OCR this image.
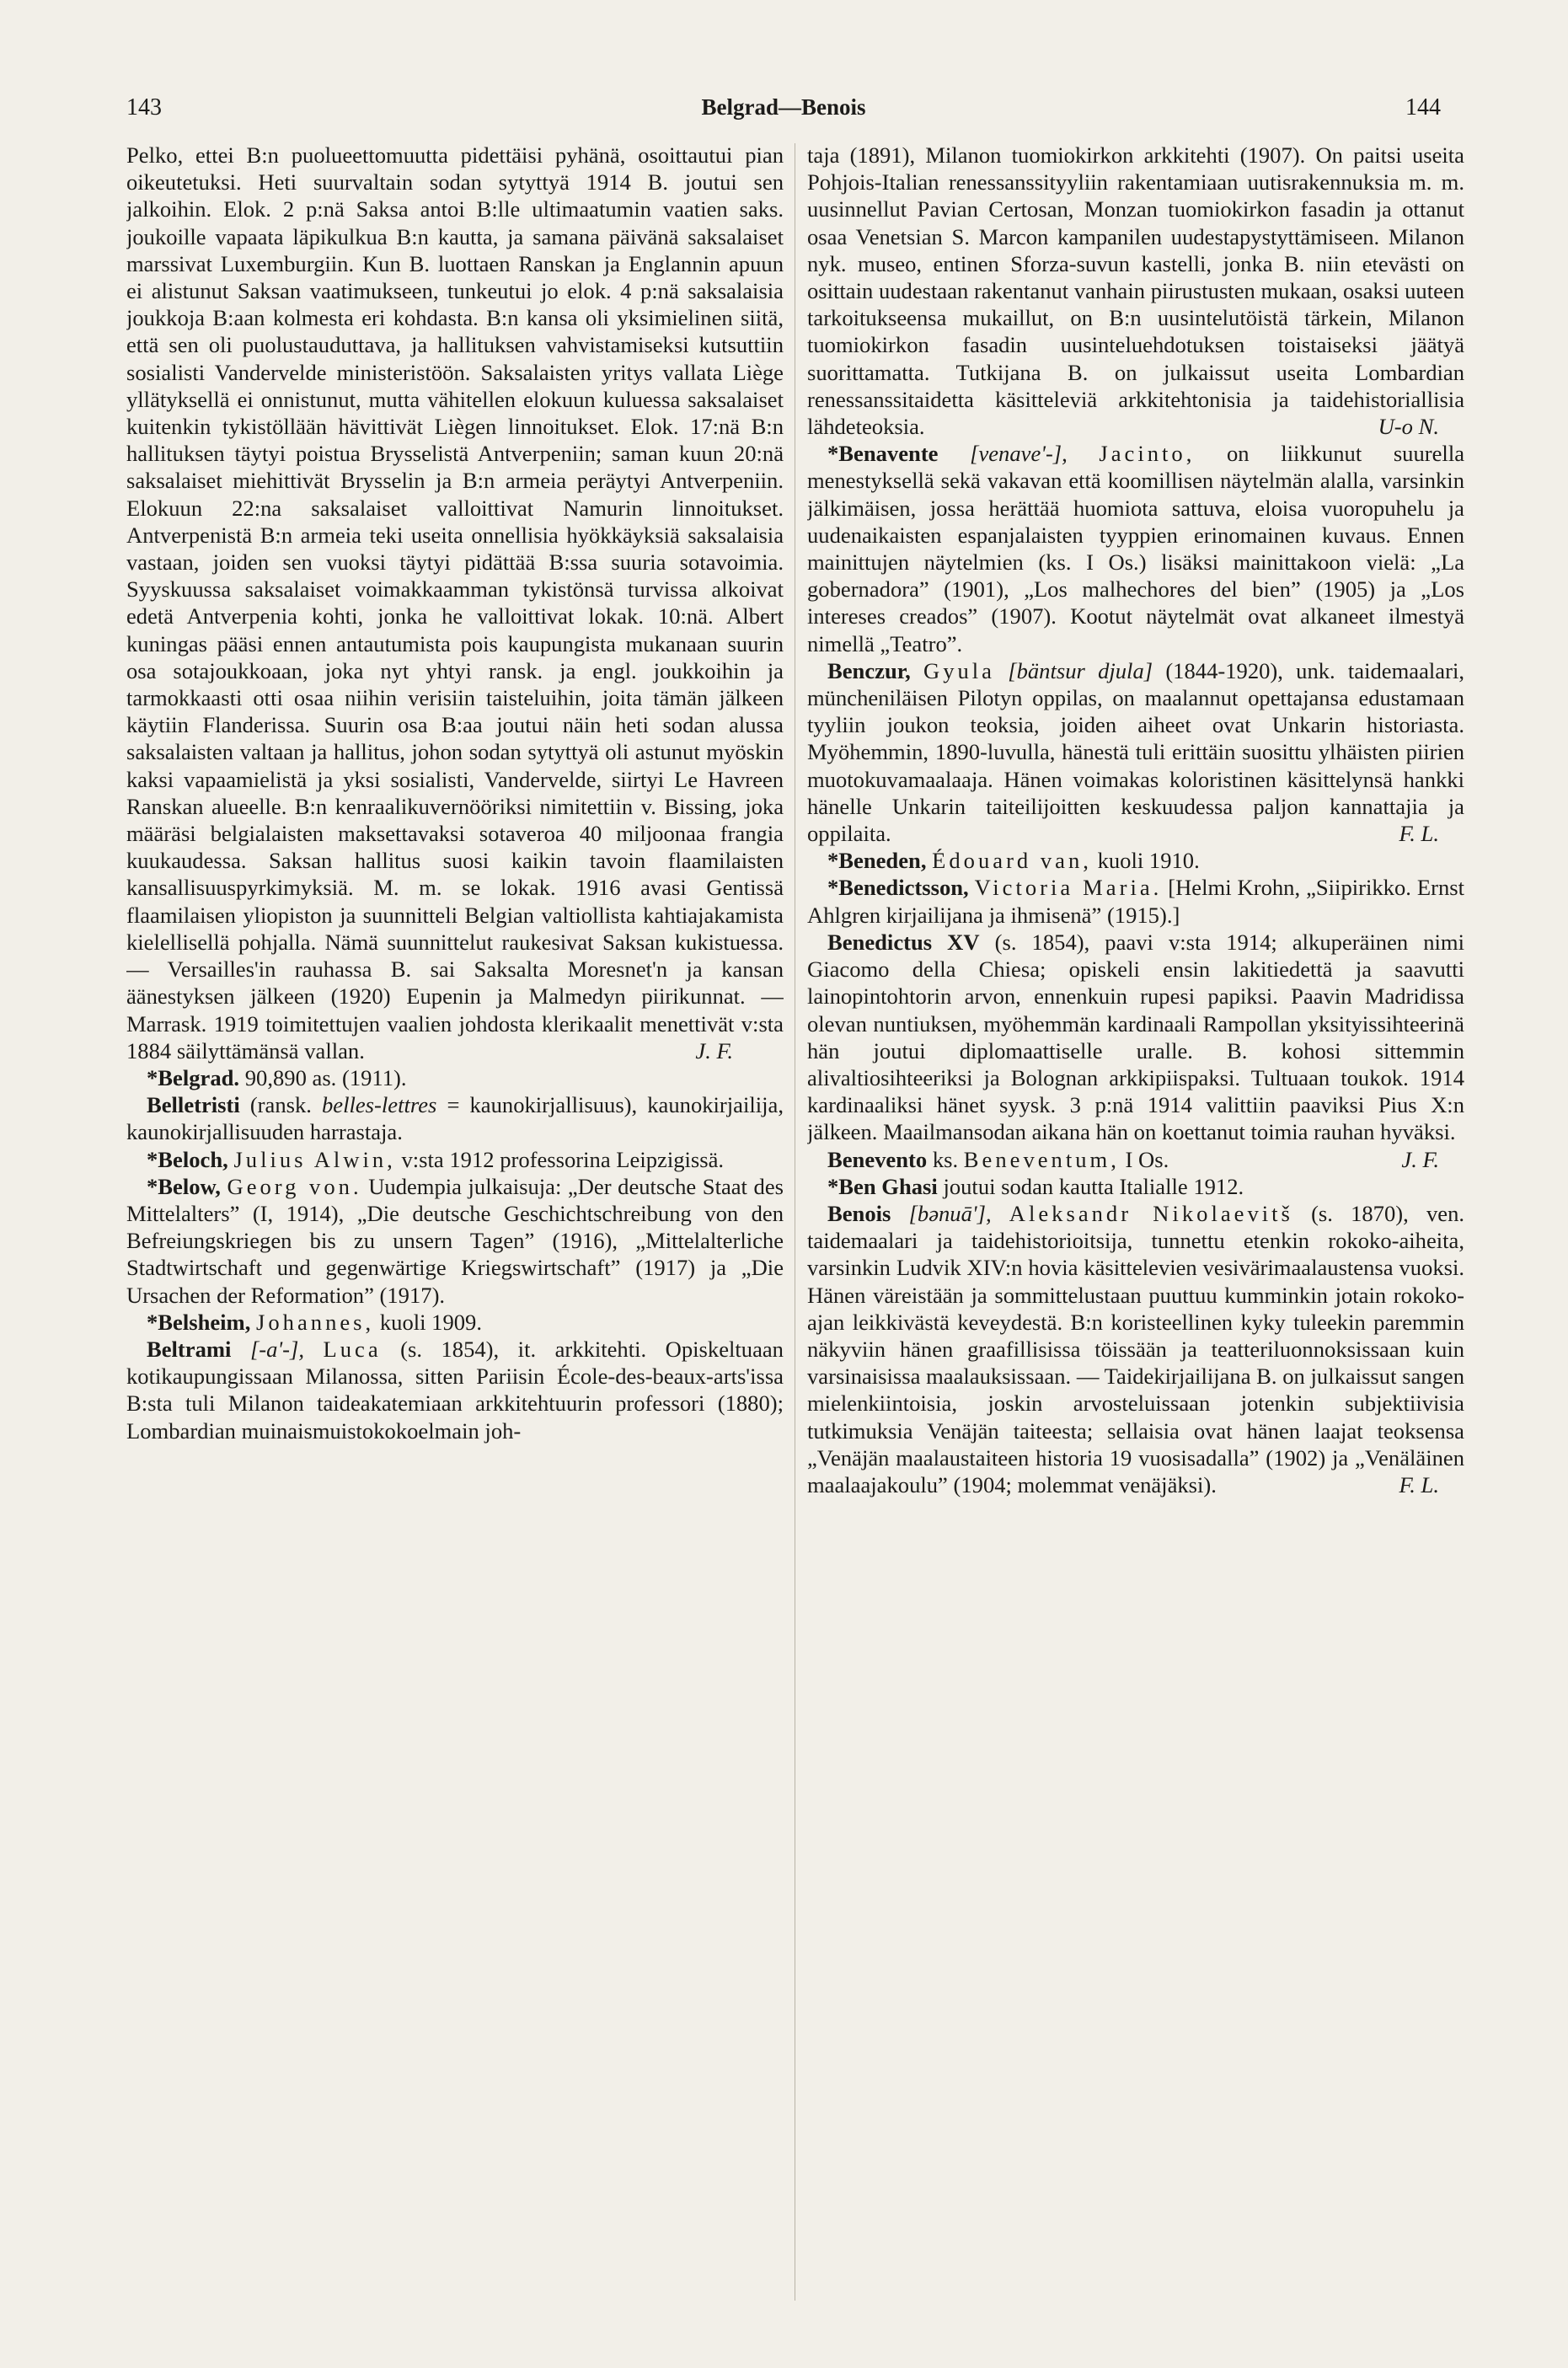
143	Belgrad—Benois	144

Pelko, ettei B:n puolueettomuutta pidettäisi pyhänä, osoittautui pian oikeutetuksi. Heti suurvaltain sodan sytyttyä 1914 B. joutui sen jalkoihin. Elok. 2 p:nä Saksa antoi B:lle ultimaatumin vaatien saks. joukoille vapaata läpikulkua B:n kautta, ja samana päivänä saksalaiset marssivat Luxemburgiin. Kun B. luottaen Ranskan ja Englannin apuun ei alistunut Saksan vaatimukseen, tunkeutui jo elok. 4 p:nä saksalaisia joukkoja B:aan kolmesta eri kohdasta. B:n kansa oli yksimielinen siitä, että sen oli puolustauduttava, ja hallituksen vahvistamiseksi kutsuttiin sosialisti Vandervelde ministeristöön. Saksalaisten yritys vallata Liège yllätyksellä ei onnistunut, mutta vähitellen elokuun kuluessa saksalaiset kuitenkin tykistöllään hävittivät Liègen linnoitukset. Elok. 17:nä B:n hallituksen täytyi poistua Brysselistä Antverpeniin; saman kuun 20:nä saksalaiset miehittivät Brysselin ja B:n armeia peräytyi Antverpeniin. Elokuun 22:na saksalaiset valloittivat Namurin linnoitukset. Antverpenistä B:n armeia teki useita onnellisia hyökkäyksiä saksalaisia vastaan, joiden sen vuoksi täytyi pidättää B:ssa suuria sotavoimia. Syyskuussa saksalaiset voimakkaamman tykistönsä turvissa alkoivat edetä Antverpenia kohti, jonka he valloittivat lokak. 10:nä. Albert kuningas pääsi ennen antautumista pois kaupungista mukanaan suurin osa sotajoukkoaan, joka nyt yhtyi ransk. ja engl. joukkoihin ja tarmokkaasti otti osaa niihin verisiin taisteluihin, joita tämän jälkeen käytiin Flanderissa. Suurin osa B:aa joutui näin heti sodan alussa saksalaisten valtaan ja hallitus, johon sodan sytyttyä oli astunut myöskin kaksi vapaamielistä ja yksi sosialisti, Vandervelde, siirtyi Le Havreen Ranskan alueelle. B:n kenraalikuvernööriksi nimitettiin v. Bissing, joka määräsi belgialaisten maksettavaksi sotaveroa 40 miljoonaa frangia kuukaudessa. Saksan hallitus suosi kaikin tavoin flaamilaisten kansallisuuspyrkimyksiä. M. m. se lokak. 1916 avasi Gentissä flaamilaisen yliopiston ja suunnitteli Belgian valtiollista kahtiajakamista kielellisellä pohjalla. Nämä suunnittelut raukesivat Saksan kukistuessa. — Versailles'in rauhassa B. sai Saksalta Moresnet'n ja kansan äänestyksen jälkeen (1920) Eupenin ja Malmedyn piirikunnat. — Marrask. 1919 toimitettujen vaalien johdosta klerikaalit menettivät v:sta 1884 säilyttämänsä vallan.	J. F.

*Belgrad. 90,890 as. (1911).

Belletristi (ransk. belles-lettres = kaunokirjallisuus), kaunokirjailija, kaunokirjallisuuden harrastaja.

*Beloch, Julius Alwin, v:sta 1912 professorina Leipzigissä.

*Below, Georg von. Uudempia julkaisuja: „Der deutsche Staat des Mittelalters” (I, 1914), „Die deutsche Geschichtschreibung von den Befreiungskriegen bis zu unsern Tagen” (1916), „Mittelalterliche Stadtwirtschaft und gegenwärtige Kriegswirtschaft” (1917) ja „Die Ursachen der Reformation” (1917).

*Belsheim, Johannes, kuoli 1909.

Beltrami [-a'-], Luca (s. 1854), it. arkkitehti. Opiskeltuaan kotikaupungissaan Milanossa, sitten Pariisin École-des-beaux-arts'issa B:sta tuli Milanon taideakatemiaan arkkitehtuurin professori (1880); Lombardian muinaismuistokokoelmain joh-

taja (1891), Milanon tuomiokirkon arkkitehti (1907). On paitsi useita Pohjois-Italian renessanssityyliin rakentamiaan uutisrakennuksia m. m. uusinnellut Pavian Certosan, Monzan tuomiokirkon fasadin ja ottanut osaa Venetsian S. Marcon kampanilen uudestapystyttämiseen. Milanon nyk. museo, entinen Sforza-suvun kastelli, jonka B. niin etevästi on osittain uudestaan rakentanut vanhain piirustusten mukaan, osaksi uuteen tarkoitukseensa mukaillut, on B:n uusintelutöistä tärkein, Milanon tuomiokirkon fasadin uusinteluehdotuksen toistaiseksi jäätyä suorittamatta. Tutkijana B. on julkaissut useita Lombardian renessanssitaidetta käsitteleviä arkkitehtonisia ja taidehistoriallisia lähdeteoksia.	U-o N.

*Benavente [venave'-], Jacinto, on liikkunut suurella menestyksellä sekä vakavan että koomillisen näytelmän alalla, varsinkin jälkimäisen, jossa herättää huomiota sattuva, eloisa vuoropuhelu ja uudenaikaisten espanjalaisten tyyppien erinomainen kuvaus. Ennen mainittujen näytelmien (ks. I Os.) lisäksi mainittakoon vielä: „La gobernadora” (1901), „Los malhechores del bien” (1905) ja „Los intereses creados” (1907). Kootut näytelmät ovat alkaneet ilmestyä nimellä „Teatro”.

Benczur, Gyula [bäntsur djula] (1844-1920), unk. taidemaalari, müncheniläisen Pilotyn oppilas, on maalannut opettajansa edustamaan tyyliin joukon teoksia, joiden aiheet ovat Unkarin historiasta. Myöhemmin, 1890-luvulla, hänestä tuli erittäin suosittu ylhäisten piirien muotokuvamaalaaja. Hänen voimakas koloristinen käsittelynsä hankki hänelle Unkarin taiteilijoitten keskuudessa paljon kannattajia ja oppilaita.	F. L.

*Beneden, Édouard van, kuoli 1910.

*Benedictsson, Victoria Maria. [Helmi Krohn, „Siipirikko. Ernst Ahlgren kirjailijana ja ihmisenä” (1915).]

Benedictus XV (s. 1854), paavi v:sta 1914; alkuperäinen nimi Giacomo della Chiesa; opiskeli ensin lakitiedettä ja saavutti lainopintohtorin arvon, ennenkuin rupesi papiksi. Paavin Madridissa olevan nuntiuksen, myöhemmän kardinaali Rampollan yksityissihteerinä hän joutui diplomaattiselle uralle. B. kohosi sittemmin alivaltiosihteeriksi ja Bolognan arkkipiispaksi. Tultuaan toukok. 1914 kardinaaliksi hänet syysk. 3 p:nä 1914 valittiin paaviksi Pius X:n jälkeen. Maailmansodan aikana hän on koettanut toimia rauhan hyväksi.
J. F.

Benevento ks. Beneventum, I Os.

*Ben Ghasi joutui sodan kautta Italialle 1912.

Benois [bənuā'], Aleksandr Nikolaevitš (s. 1870), ven. taidemaalari ja taidehistorioitsija, tunnettu etenkin rokoko-aiheita, varsinkin Ludvik XIV:n hovia käsittelevien vesivärimaalaustensa vuoksi. Hänen väreistään ja sommittelustaan puuttuu kumminkin jotain rokoko-ajan leikkivästä keveydestä. B:n koristeellinen kyky tuleekin paremmin näkyviin hänen graafillisissa töissään ja teatteriluonnoksissaan kuin varsinaisissa maalauksissaan. — Taidekirjailijana B. on julkaissut sangen mielenkiintoisia, joskin arvosteluissaan jotenkin subjektiivisia tutkimuksia Venäjän taiteesta; sellaisia ovat hänen laajat teoksensa „Venäjän maalaustaiteen historia 19 vuosisadalla” (1902) ja „Venäläinen maalaajakoulu” (1904; molemmat venäjäksi).	F. L.
